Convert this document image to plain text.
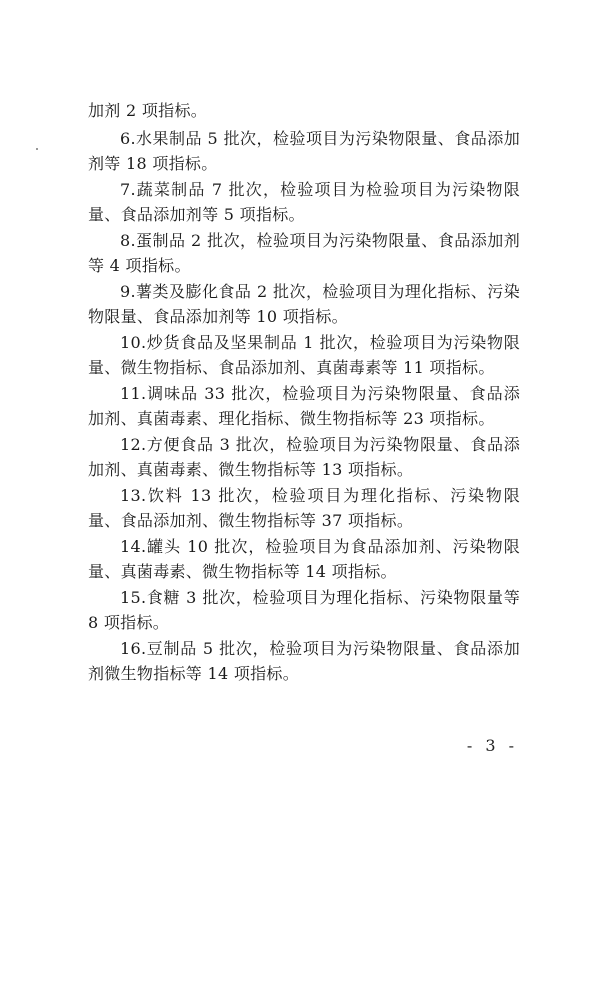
加剂 2 项指标。

6.水果制品 5 批次，检验项目为污染物限量、食品添加剂等 18 项指标。

7.蔬菜制品 7 批次，检验项目为检验项目为污染物限量、食品添加剂等 5 项指标。

8.蛋制品 2 批次，检验项目为污染物限量、食品添加剂等 4 项指标。

9.薯类及膨化食品 2 批次，检验项目为理化指标、污染物限量、食品添加剂等 10 项指标。

10.炒货食品及坚果制品 1 批次，检验项目为污染物限量、微生物指标、食品添加剂、真菌毒素等 11 项指标。

11.调味品 33 批次，检验项目为污染物限量、食品添加剂、真菌毒素、理化指标、微生物指标等 23 项指标。

12.方便食品 3 批次，检验项目为污染物限量、食品添加剂、真菌毒素、微生物指标等 13 项指标。

13.饮料 13 批次，检验项目为理化指标、污染物限量、食品添加剂、微生物指标等 37 项指标。

14.罐头 10 批次，检验项目为食品添加剂、污染物限量、真菌毒素、微生物指标等 14 项指标。

15.食糖 3 批次，检验项目为理化指标、污染物限量等 8 项指标。

16.豆制品 5 批次，检验项目为污染物限量、食品添加剂微生物指标等 14 项指标。

- 3 -
